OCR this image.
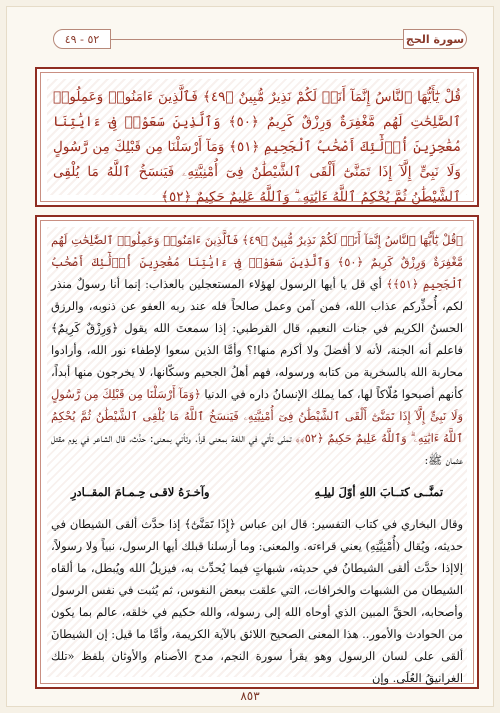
٥٢ - ٤٩	سورة الحج
قُلْ يَٰٓأَيُّهَا ٱلنَّاسُ إِنَّمَآ أَنَا۠ لَكُمْ نَذِيرٌ مُّبِينٌ ﴿٤٩﴾ فَٱلَّذِينَ ءَامَنُوا۟ وَعَمِلُوا۟ ٱلصَّٰلِحَٰتِ لَهُم مَّغْفِرَةٌ وَرِزْقٌ كَرِيمٌ ﴿٥٠﴾ وَٱلَّذِينَ سَعَوْا۟ فِىٓ ءَايَٰتِنَا مُعَٰجِزِينَ أُو۟لَٰٓئِكَ أَصْحَٰبُ ٱلْجَحِيمِ ﴿٥١﴾ وَمَآ أَرْسَلْنَا مِن قَبْلِكَ مِن رَّسُولٍ وَلَا نَبِىٍّ إِلَّآ إِذَا تَمَنَّىٰٓ أَلْقَى ٱلشَّيْطَٰنُ فِىٓ أُمْنِيَّتِهِۦ فَيَنسَخُ ٱللَّهُ مَا يُلْقِى ٱلشَّيْطَٰنُ ثُمَّ يُحْكِمُ ٱللَّهُ ءَايَٰتِهِۦ ۗ وَٱللَّهُ عَلِيمٌ حَكِيمٌ ﴿٥٢﴾

﴿قُلْ يَٰٓأَيُّهَا ٱلنَّاسُ إِنَّمَآ أَنَا۠ لَكُمْ نَذِيرٌ مُّبِينٌ ﴿٤٩﴾ فَٱلَّذِينَ ءَامَنُوا۟ وَعَمِلُوا۟ ٱلصَّٰلِحَٰتِ لَهُم مَّغْفِرَةٌ وَرِزْقٌ كَرِيمٌ ﴿٥٠﴾ وَٱلَّذِينَ سَعَوْا۟ فِىٓ ءَايَٰتِنَا مُعَٰجِزِينَ أُو۟لَٰٓئِكَ أَصْحَٰبُ ٱلْجَحِيمِ ﴿٥١﴾﴾ أي قل يا أيها الرسول لهؤلاء المستعجلين بالعذاب: إنما أنا رسولٌ منذر لكم، أُحذِّركم عذاب الله، فمن آمن وعمل صالحاً فله عند ربه العفو عن ذنوبه، والرزق الحسنُ الكريم في جنات النعيم، قال القرطبي: إذا سمعتَ الله يقول ﴿وَرِزْقٌ كَرِيمٌ﴾ فاعلم أنه الجنة، لأنه لا أفضلَ ولا أكرم منها!؟ وأمَّا الذين سعوا لإطفاء نور الله، وأرادوا محاربة الله بالسخرية من كتابه ورسوله، فهم أهلُ الجحيم وسكّانها، لا يخرجون منها أبداً، كأنهم أصبحوا مُلّاكاً لها، كما يملك الإنسانُ داره في الدنيا ﴿وَمَآ أَرْسَلْنَا مِن قَبْلِكَ مِن رَّسُولٍ وَلَا نَبِىٍّ إِلَّآ إِذَا تَمَنَّىٰٓ أَلْقَى ٱلشَّيْطَٰنُ فِىٓ أُمْنِيَّتِهِۦ فَيَنسَخُ ٱللَّهُ مَا يُلْقِى ٱلشَّيْطَٰنُ ثُمَّ يُحْكِمُ ٱللَّهُ ءَايَٰتِهِۦ ۗ وَٱللَّهُ عَلِيمٌ حَكِيمٌ ﴿٥٢﴾﴾ تمنّى تأتي في اللغة بمعنى قرأ. وتأتي بمعنى: حدَّث، قال الشاعر في يوم مقتل عثمان ﷺ:

تمنَّــى كتــابَ اللهِ أوّلَ ليلِـهِ
وآخـرَهُ لاقـى حِـمـامَ المقــادرِ

وقال البخاري في كتاب التفسير: قال ابن عباس ﴿إِذَا تَمَنَّىٰٓ﴾ إذا حدَّث ألقى الشيطان في حديثه، ويُقال (أُمْنِيَّتِهِ) يعني قراءته. والمعنى: وما أرسلنا قبلك أيها الرسول، نبياً ولا رسولاً، إلاإذا حدَّث ألقى الشيطانُ في حديثه، شبهاتٍ فيما يُحدِّث به، فيزيلُ الله ويُبطل، ما ألقاه الشيطان من الشبهات والخرافات، التي علقت ببعض النفوس، ثم يُثبت في نفس الرسول وأصحابه، الحقَّ المبين الذي أوحاه الله إلى رسوله، والله حكيم في خلقه، عالم بما يكون من الحوادث والأمور.. هذا المعنى الصحيح اللائق بالآية الكريمة، وأمَّا ما قيل: إن الشيطانَ ألقى على لسان الرسول وهو يقرأ سورة النجم، مدح الأصنام والأوثان بلفظ «تلك الغرانيقُ العُلَى. وإن

٨٥٣
